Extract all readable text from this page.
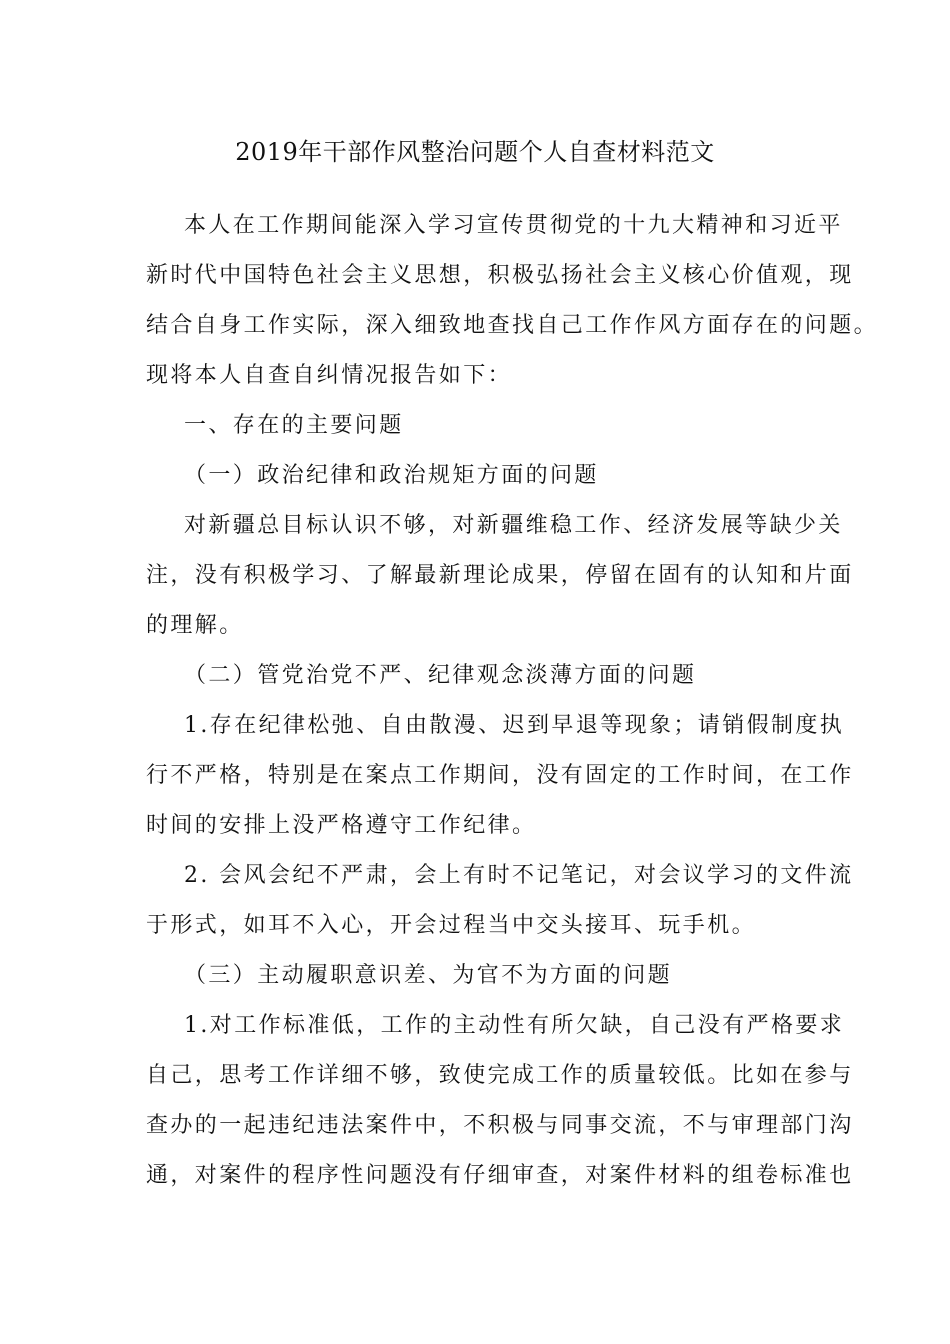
2019年干部作风整治问题个人自查材料范文
本人在工作期间能深入学习宣传贯彻党的十九大精神和习近平
新时代中国特色社会主义思想，积极弘扬社会主义核心价值观，现
结合自身工作实际，深入细致地查找自己工作作风方面存在的问题。
现将本人自查自纠情况报告如下：
一、存在的主要问题
（一）政治纪律和政治规矩方面的问题
对新疆总目标认识不够，对新疆维稳工作、经济发展等缺少关
注，没有积极学习、了解最新理论成果，停留在固有的认知和片面
的理解。
（二）管党治党不严、纪律观念淡薄方面的问题
1.存在纪律松弛、自由散漫、迟到早退等现象；请销假制度执
行不严格，特别是在案点工作期间，没有固定的工作时间，在工作
时间的安排上没严格遵守工作纪律。
2. 会风会纪不严肃，会上有时不记笔记，对会议学习的文件流
于形式，如耳不入心，开会过程当中交头接耳、玩手机。
（三）主动履职意识差、为官不为方面的问题
1.对工作标准低，工作的主动性有所欠缺，自己没有严格要求
自己，思考工作详细不够，致使完成工作的质量较低。比如在参与
查办的一起违纪违法案件中，不积极与同事交流，不与审理部门沟
通，对案件的程序性问题没有仔细审查，对案件材料的组卷标准也
